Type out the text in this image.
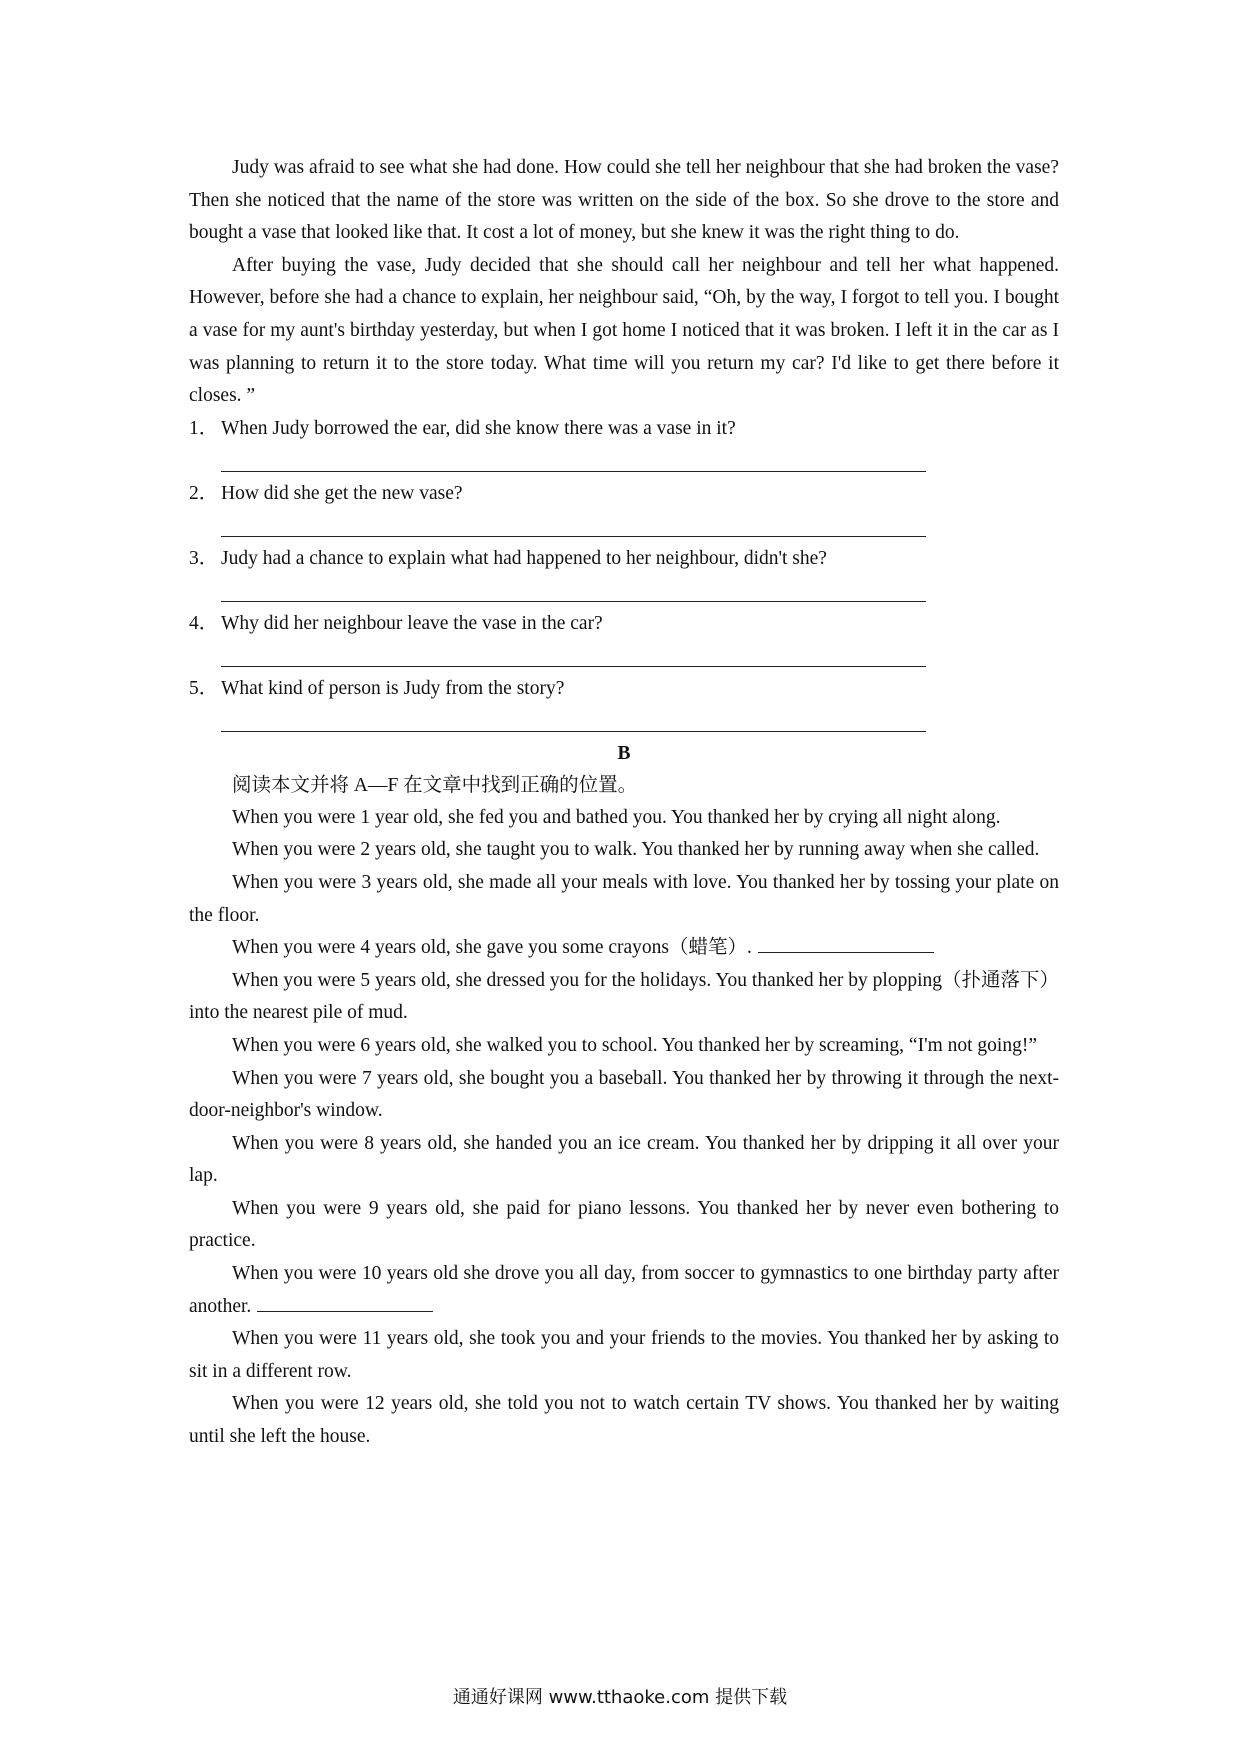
Judy was afraid to see what she had done. How could she tell her neighbour that she had broken the vase? Then she noticed that the name of the store was written on the side of the box. So she drove to the store and bought a vase that looked like that. It cost a lot of money, but she knew it was the right thing to do.

After buying the vase, Judy decided that she should call her neighbour and tell her what happened. However, before she had a chance to explain, her neighbour said, “Oh, by the way, I forgot to tell you. I bought a vase for my aunt's birthday yesterday, but when I got home I noticed that it was broken. I left it in the car as I was planning to return it to the store today. What time will you return my car? I'd like to get there before it closes. ”

1． When Judy borrowed the ear, did she know there was a vase in it?
2． How did she get the new vase?
3． Judy had a chance to explain what had happened to her neighbour, didn't she?
4． Why did her neighbour leave the vase in the car?
5． What kind of person is Judy from the story?
B
阅读本文并将 A—F 在文章中找到正确的位置。

When you were 1 year old, she fed you and bathed you. You thanked her by crying all night along.

When you were 2 years old, she taught you to walk. You thanked her by running away when she called.

When you were 3 years old, she made all your meals with love. You thanked her by tossing your plate on the floor.

When you were 4 years old, she gave you some crayons（蜡笔）.

When you were 5 years old, she dressed you for the holidays. You thanked her by plopping（扑通落下）into the nearest pile of mud.

When you were 6 years old, she walked you to school. You thanked her by screaming, “I'm not going!”

When you were 7 years old, she bought you a baseball. You thanked her by throwing it through the next-door-neighbor's window.

When you were 8 years old, she handed you an ice cream. You thanked her by dripping it all over your lap.

When you were 9 years old, she paid for piano lessons. You thanked her by never even bothering to practice.

When you were 10 years old she drove you all day, from soccer to gymnastics to one birthday party after another.

When you were 11 years old, she took you and your friends to the movies. You thanked her by asking to sit in a different row.

When you were 12 years old, she told you not to watch certain TV shows. You thanked her by waiting until she left the house.

通通好课网 www.tthaoke.com 提供下载
